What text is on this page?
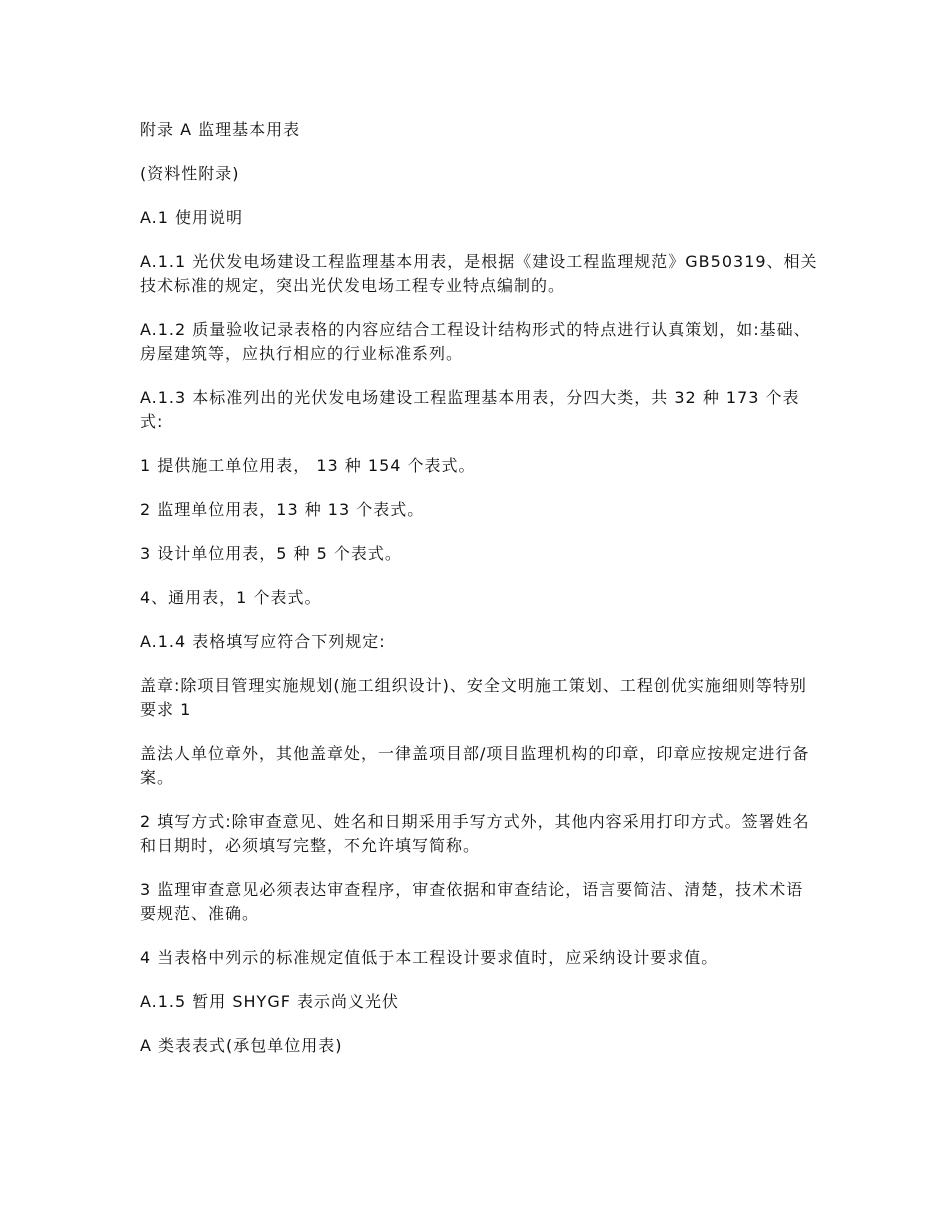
附录 A 监理基本用表

(资料性附录)

A.1 使用说明

A.1.1 光伏发电场建设工程监理基本用表，是根据《建设工程监理规范》GB50319、相关技术标准的规定，突出光伏发电场工程专业特点编制的。

A.1.2 质量验收记录表格的内容应结合工程设计结构形式的特点进行认真策划，如:基础、房屋建筑等，应执行相应的行业标准系列。

A.1.3 本标准列出的光伏发电场建设工程监理基本用表，分四大类，共 32 种 173 个表式:

1 提供施工单位用表， 13 种 154 个表式。

2 监理单位用表，13 种 13 个表式。

3 设计单位用表，5 种 5 个表式。

4、通用表，1 个表式。

A.1.4 表格填写应符合下列规定:

盖章:除项目管理实施规划(施工组织设计)、安全文明施工策划、工程创优实施细则等特别要求 1

盖法人单位章外，其他盖章处，一律盖项目部/项目监理机构的印章，印章应按规定进行备案。

2 填写方式:除审查意见、姓名和日期采用手写方式外，其他内容采用打印方式。签署姓名和日期时，必须填写完整，不允许填写简称。

3 监理审查意见必须表达审查程序，审查依据和审查结论，语言要简洁、清楚，技术术语要规范、准确。

4 当表格中列示的标准规定值低于本工程设计要求值时，应采纳设计要求值。

A.1.5 暂用 SHYGF 表示尚义光伏

A 类表表式(承包单位用表)
